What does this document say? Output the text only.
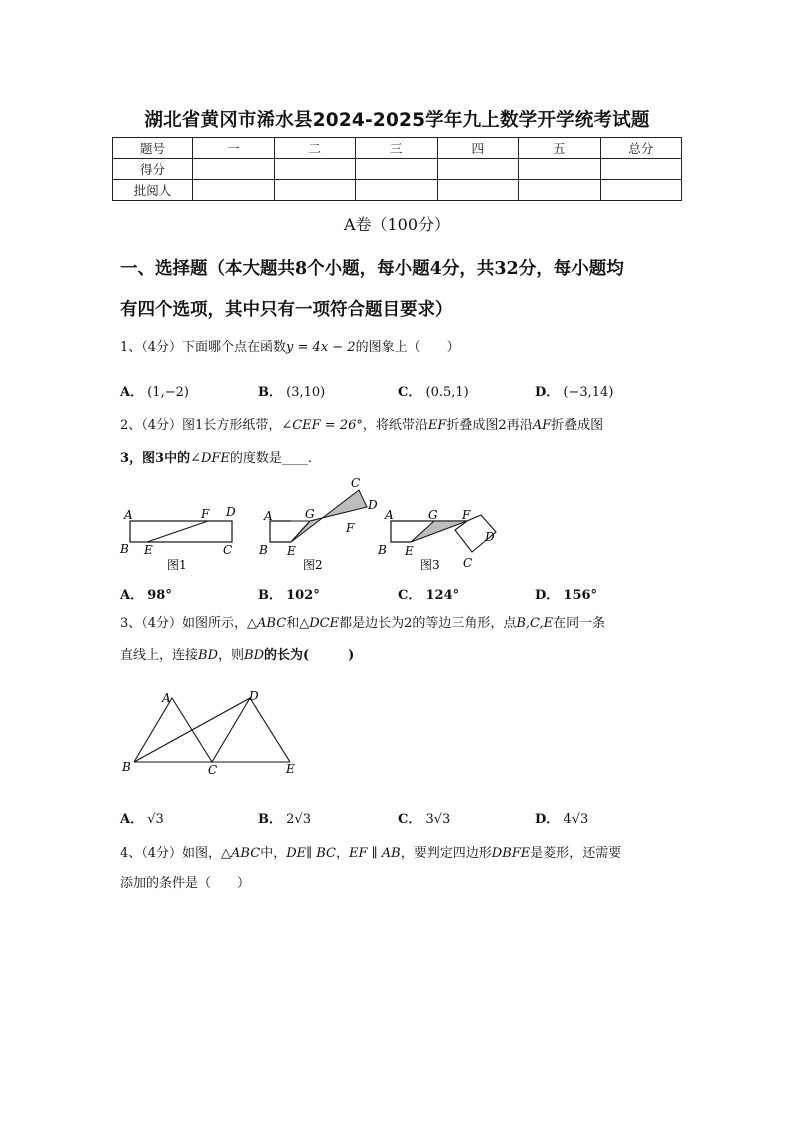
湖北省黄冈市浠水县2024-2025学年九上数学开学统考试题
题号	一	二	三	四	五	总分
得分						
批阅人						
A卷（100分）
一、选择题（本大题共8个小题，每小题4分，共32分，每小题均
有四个选项，其中只有一项符合题目要求）
1、（4分）下面哪个点在函数y = 4x − 2的图象上（　　）
A． (1,−2)	B． (3,10)	C． (0.5,1)	D． (−3,14)
2、（4分）图1长方形纸带，∠CEF = 26°，将纸带沿EF折叠成图2再沿AF折叠成图
3，图3中的∠DFE的度数是____.
A	F D
B E	C
图1
C
D
A	G
F
B E
图2
A	G F
B E
D
C
图3
A． 98°	B． 102°	C． 124°	D． 156°
3、（4分）如图所示，△ABC和△DCE都是边长为2的等边三角形，点B,C,E在同一条
直线上，连接BD，则BD的长为(　　　)
A	D
B	C	E
A． √3	B． 2√3	C． 3√3	D． 4√3
4、（4分）如图，△ABC中，DE∥ BC，EF ∥ AB，要判定四边形DBFE是菱形，还需要
添加的条件是（　　）
